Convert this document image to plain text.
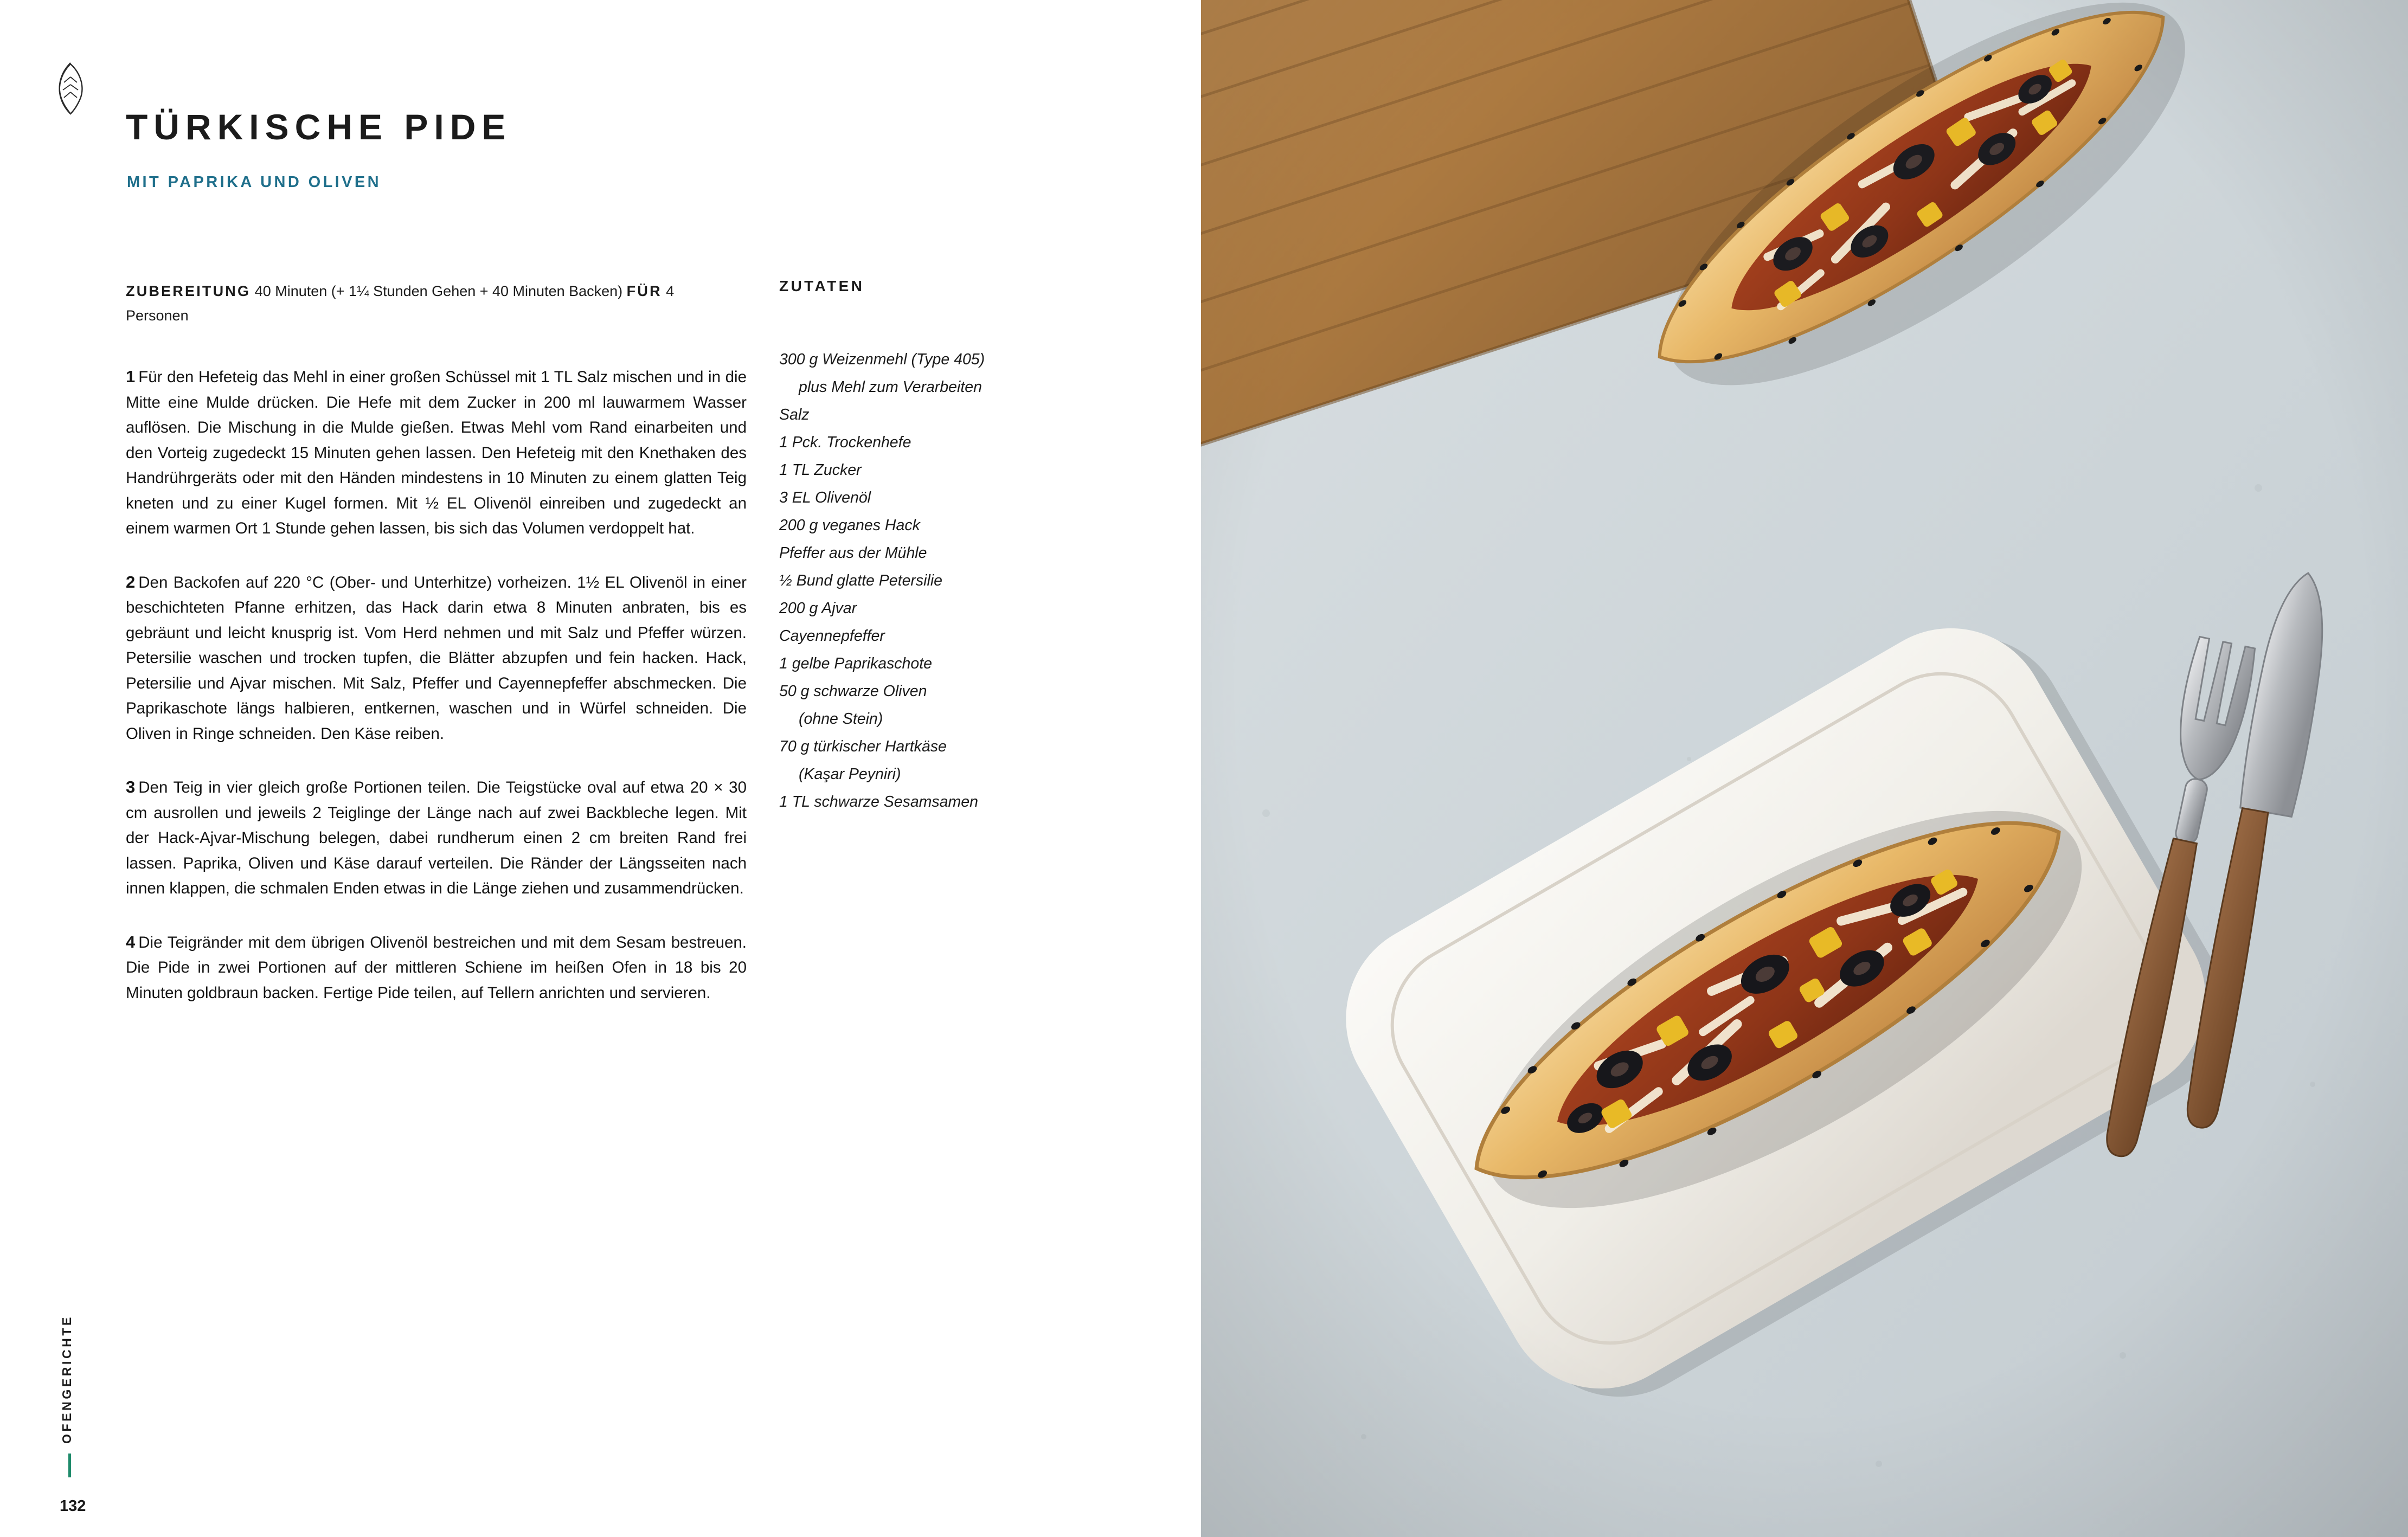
TÜRKISCHE PIDE
MIT PAPRIKA UND OLIVEN
ZUBEREITUNG 40 Minuten (+ 1¼ Stunden Gehen + 40 Minuten Backen) FÜR 4 Personen
1 Für den Hefeteig das Mehl in einer großen Schüssel mit 1 TL Salz mischen und in die Mitte eine Mulde drücken. Die Hefe mit dem Zucker in 200 ml lauwarmem Wasser auflösen. Die Mischung in die Mulde gießen. Etwas Mehl vom Rand einarbeiten und den Vorteig zugedeckt 15 Minuten gehen lassen. Den Hefeteig mit den Knethaken des Handrührgeräts oder mit den Händen mindestens in 10 Minuten zu einem glatten Teig kneten und zu einer Kugel formen. Mit ½ EL Olivenöl einreiben und zugedeckt an einem warmen Ort 1 Stunde gehen lassen, bis sich das Volumen verdoppelt hat.
2 Den Backofen auf 220 °C (Ober- und Unterhitze) vorheizen. 1½ EL Olivenöl in einer beschichteten Pfanne erhitzen, das Hack darin etwa 8 Minuten anbraten, bis es gebräunt und leicht knusprig ist. Vom Herd nehmen und mit Salz und Pfeffer würzen. Petersilie waschen und trocken tupfen, die Blätter abzupfen und fein hacken. Hack, Petersilie und Ajvar mischen. Mit Salz, Pfeffer und Cayennepfeffer abschmecken. Die Paprikaschote längs halbieren, entkernen, waschen und in Würfel schneiden. Die Oliven in Ringe schneiden. Den Käse reiben.
3 Den Teig in vier gleich große Portionen teilen. Die Teigstücke oval auf etwa 20 × 30 cm ausrollen und jeweils 2 Teiglinge der Länge nach auf zwei Backbleche legen. Mit der Hack-Ajvar-Mischung belegen, dabei rundherum einen 2 cm breiten Rand frei lassen. Paprika, Oliven und Käse darauf verteilen. Die Ränder der Längsseiten nach innen klappen, die schmalen Enden etwas in die Länge ziehen und zusammendrücken.
4 Die Teigränder mit dem übrigen Olivenöl bestreichen und mit dem Sesam bestreuen. Die Pide in zwei Portionen auf der mittleren Schiene im heißen Ofen in 18 bis 20 Minuten goldbraun backen. Fertige Pide teilen, auf Tellern anrichten und servieren.
ZUTATEN
300 g Weizenmehl (Type 405)
plus Mehl zum Verarbeiten
Salz
1 Pck. Trockenhefe
1 TL Zucker
3 EL Olivenöl
200 g veganes Hack
Pfeffer aus der Mühle
½ Bund glatte Petersilie
200 g Ajvar
Cayennepfeffer
1 gelbe Paprikaschote
50 g schwarze Oliven
(ohne Stein)
70 g türkischer Hartkäse
(Kaşar Peyniri)
1 TL schwarze Sesamsamen
OFENGERICHTE
132
